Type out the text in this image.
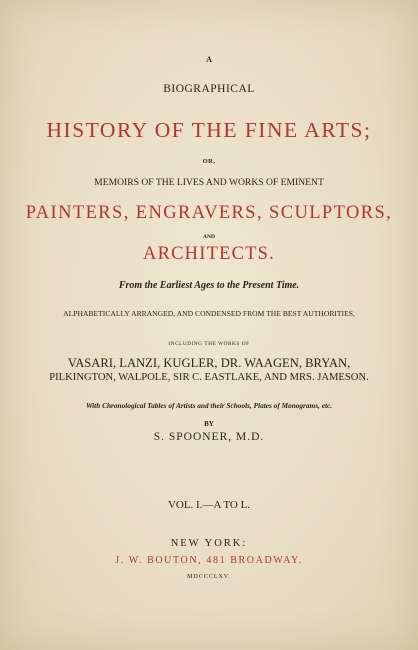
A
BIOGRAPHICAL
HISTORY OF THE FINE ARTS;
OR,
MEMOIRS OF THE LIVES AND WORKS OF EMINENT
PAINTERS, ENGRAVERS, SCULPTORS,
AND
ARCHITECTS.
From the Earliest Ages to the Present Time.
ALPHABETICALLY ARRANGED, AND CONDENSED FROM THE BEST AUTHORITIES,
INCLUDING THE WORKS OF
VASARI, LANZI, KUGLER, DR. WAAGEN, BRYAN,
PILKINGTON, WALPOLE, SIR C. EASTLAKE, AND MRS. JAMESON.
With Chronological Tables of Artists and their Schools, Plates of Monograms, etc.
BY
S. SPOONER, M.D.
VOL. I.—A TO L.
NEW YORK:
J. W. BOUTON, 481 BROADWAY.
MDCCCLXV.
